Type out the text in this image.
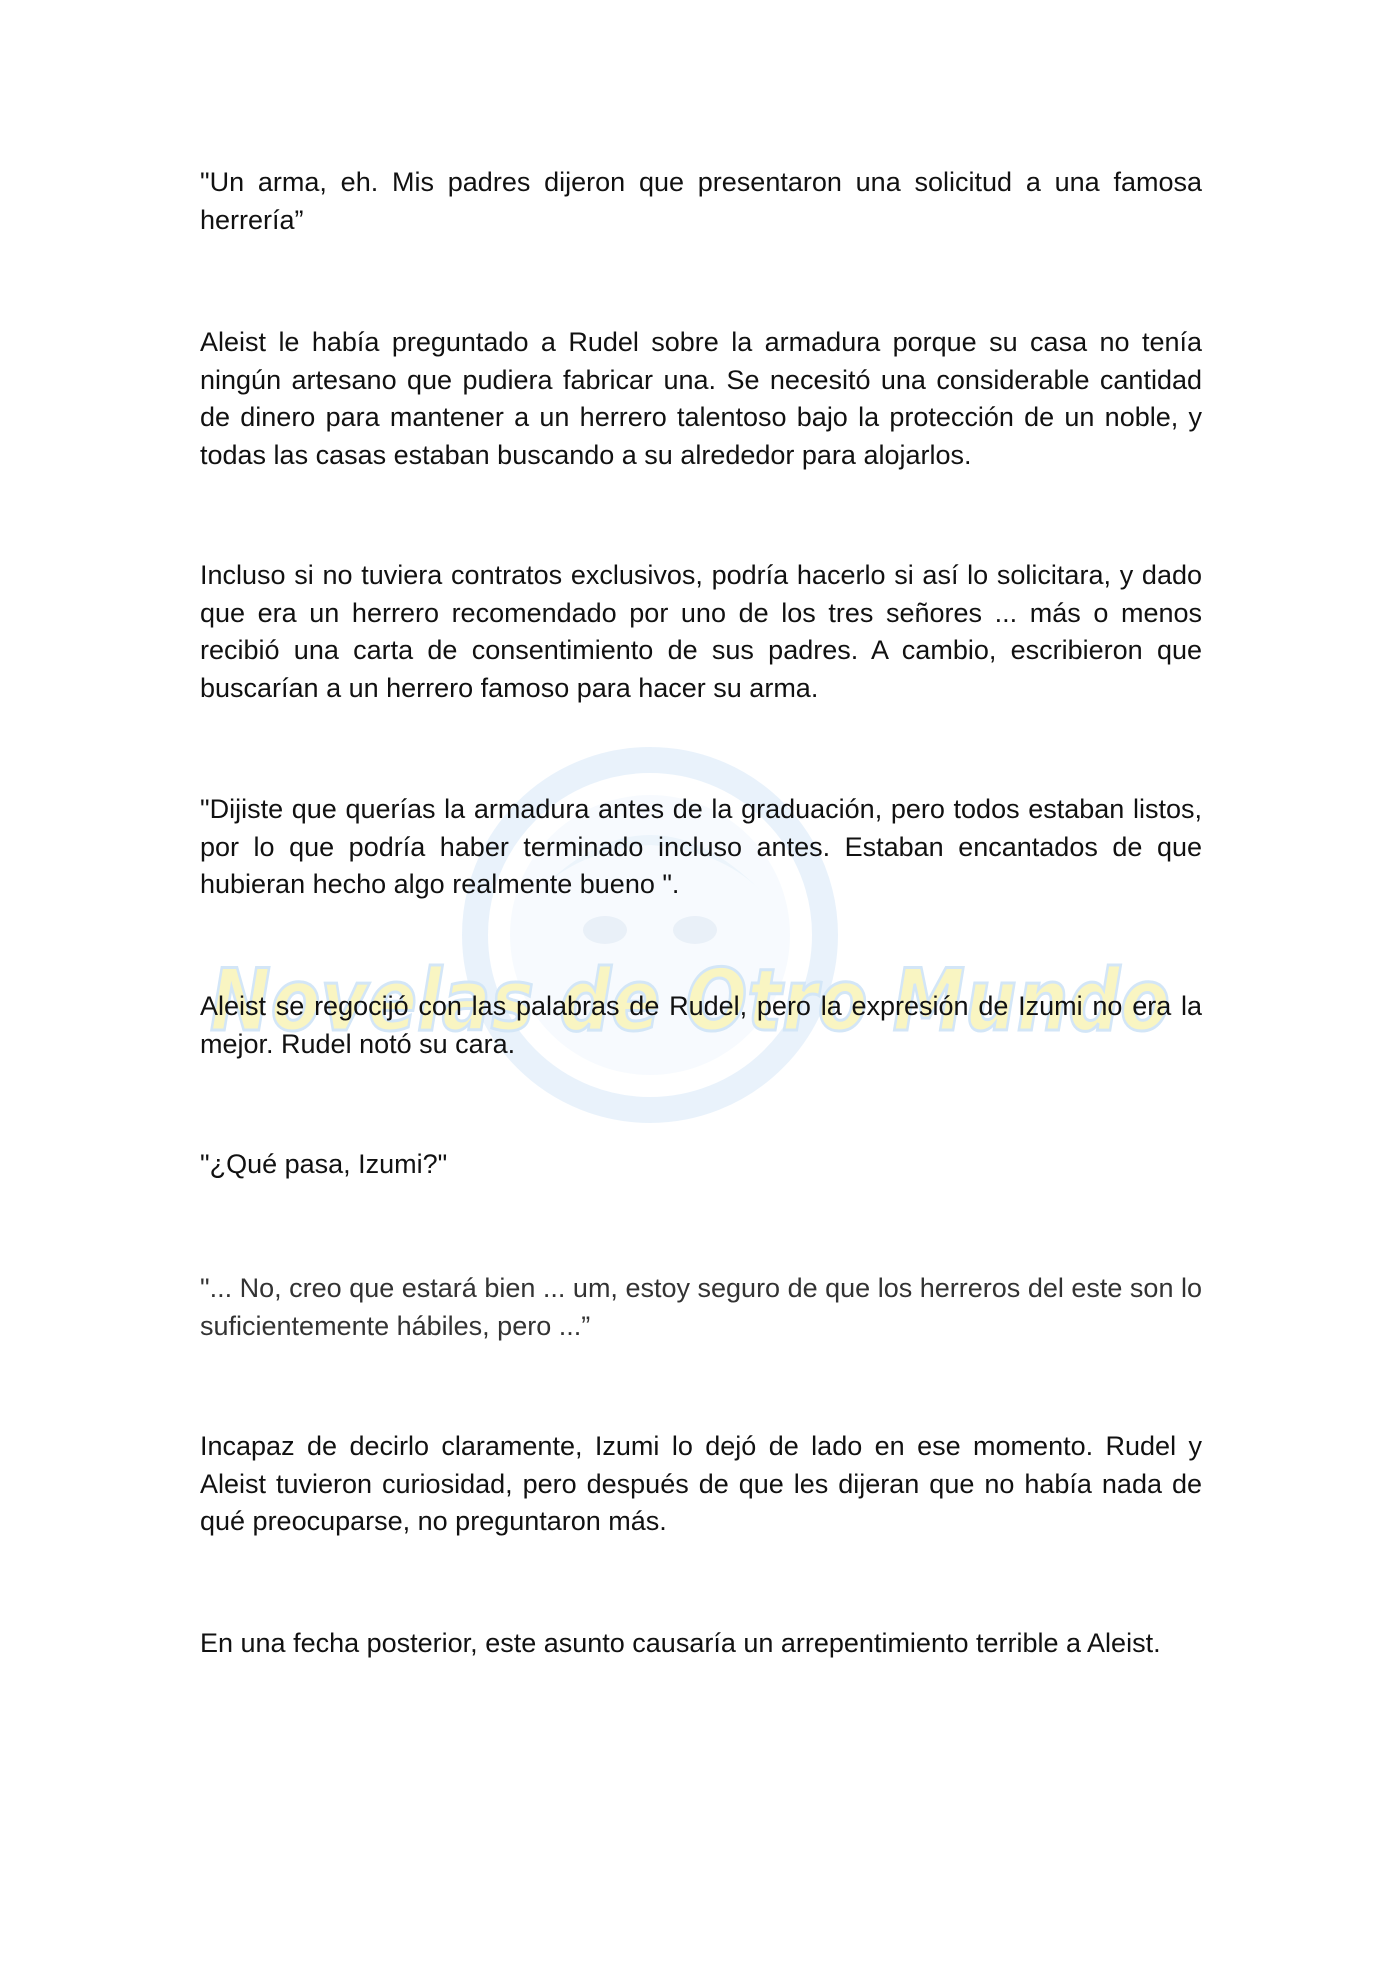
Novelas de Otro Mundo

"Un arma, eh. Mis padres dijeron que presentaron una solicitud a una famosa herrería”

Aleist le había preguntado a Rudel sobre la armadura porque su casa no tenía ningún artesano que pudiera fabricar una. Se necesitó una considerable cantidad de dinero para mantener a un herrero talentoso bajo la protección de un noble, y todas las casas estaban buscando a su alrededor para alojarlos.

Incluso si no tuviera contratos exclusivos, podría hacerlo si así lo solicitara, y dado que era un herrero recomendado por uno de los tres señores ... más o menos recibió una carta de consentimiento de sus padres. A cambio, escribieron que buscarían a un herrero famoso para hacer su arma.

"Dijiste que querías la armadura antes de la graduación, pero todos estaban listos, por lo que podría haber terminado incluso antes. Estaban encantados de que hubieran hecho algo realmente bueno ".

Aleist se regocijó con las palabras de Rudel, pero la expresión de Izumi no era la mejor. Rudel notó su cara.

"¿Qué pasa, Izumi?"

"... No, creo que estará bien ... um, estoy seguro de que los herreros del este son lo suficientemente hábiles, pero ...”

Incapaz de decirlo claramente, Izumi lo dejó de lado en ese momento. Rudel y Aleist tuvieron curiosidad, pero después de que les dijeran que no había nada de qué preocuparse, no preguntaron más.

En una fecha posterior, este asunto causaría un arrepentimiento terrible a Aleist.
